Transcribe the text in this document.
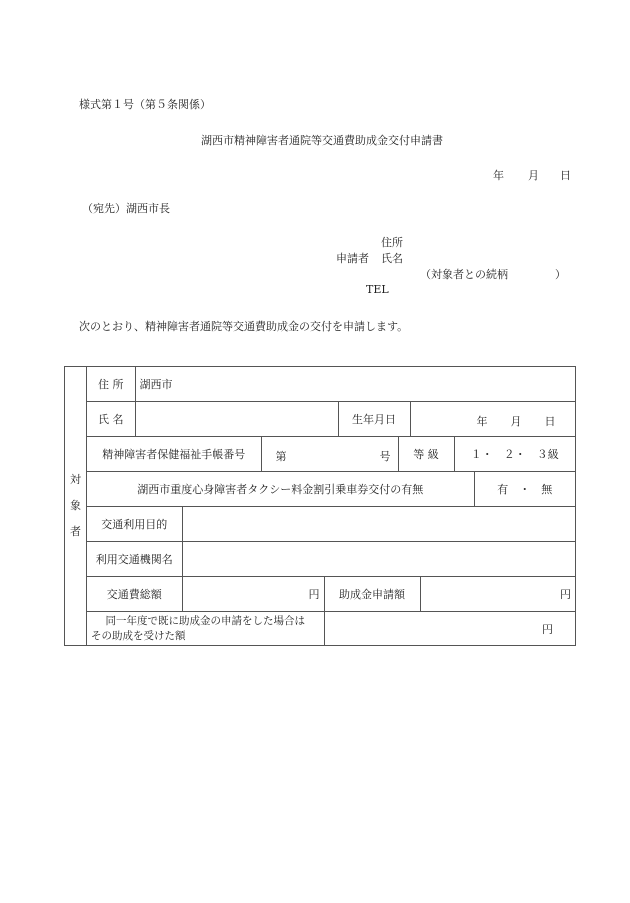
様式第１号（第５条関係）
湖西市精神障害者通院等交通費助成金交付申請書
年 月 日
（宛先）湖西市長
住所
申請者 氏名
（対象者との続柄	）
TEL
次のとおり、精神障害者通院等交通費助成金の交付を申請します。
対
象
者

住 所	湖西市

氏 名		生年月日	年 月 日

精神障害者保健福祉手帳番号	第	号	等 級	１・　２・　３級

湖西市重度心身障害者タクシー料金割引乗車券交付の有無	有　・　無

交通利用目的	

利用交通機関名	

交通費総額	円	助成金申請額	円

同一年度で既に助成金の申請をした場合は
その助成を受けた額	円
